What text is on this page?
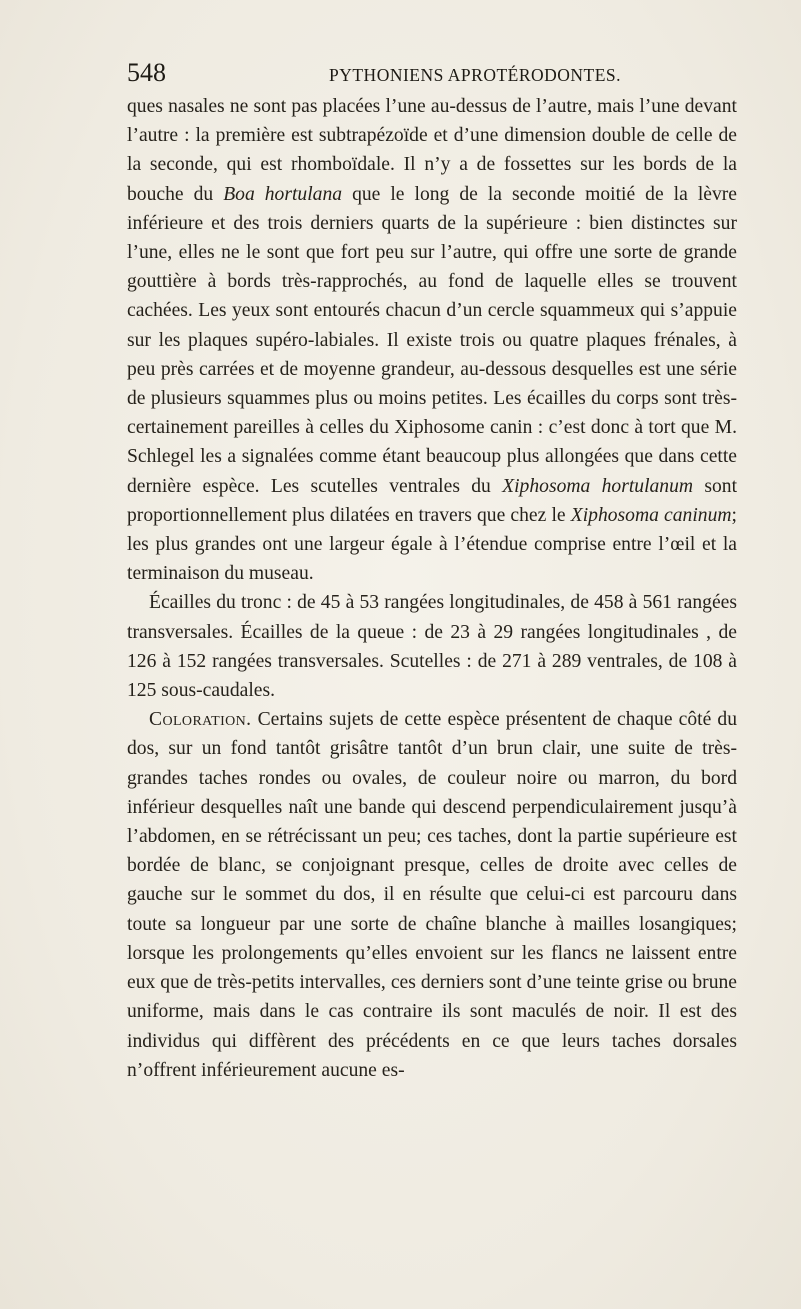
548	PYTHONIENS APROTÉRODONTES.

ques nasales ne sont pas placées l’une au-dessus de l’autre, mais l’une devant l’autre : la première est subtrapézoïde et d’une dimension double de celle de la seconde, qui est rhomboïdale. Il n’y a de fossettes sur les bords de la bouche du Boa hortulana que le long de la seconde moitié de la lèvre inférieure et des trois derniers quarts de la supérieure : bien distinctes sur l’une, elles ne le sont que fort peu sur l’autre, qui offre une sorte de grande gouttière à bords très-rapprochés, au fond de laquelle elles se trouvent cachées. Les yeux sont entourés chacun d’un cercle squammeux qui s’appuie sur les plaques supéro-labiales. Il existe trois ou quatre plaques frénales, à peu près carrées et de moyenne grandeur, au-dessous desquelles est une série de plusieurs squammes plus ou moins petites. Les écailles du corps sont très-certainement pareilles à celles du Xiphosome canin : c’est donc à tort que M. Schlegel les a signalées comme étant beaucoup plus allongées que dans cette dernière espèce. Les scutelles ventrales du Xiphosoma hortulanum sont proportionnellement plus dilatées en travers que chez le Xiphosoma caninum; les plus grandes ont une largeur égale à l’étendue comprise entre l’œil et la terminaison du museau.

Écailles du tronc : de 45 à 53 rangées longitudinales, de 458 à 561 rangées transversales. Écailles de la queue : de 23 à 29 rangées longitudinales , de 126 à 152 rangées transversales. Scutelles : de 271 à 289 ventrales, de 108 à 125 sous-caudales.

Coloration. Certains sujets de cette espèce présentent de chaque côté du dos, sur un fond tantôt grisâtre tantôt d’un brun clair, une suite de très-grandes taches rondes ou ovales, de couleur noire ou marron, du bord inférieur desquelles naît une bande qui descend perpendiculairement jusqu’à l’abdomen, en se rétrécissant un peu; ces taches, dont la partie supérieure est bordée de blanc, se conjoignant presque, celles de droite avec celles de gauche sur le sommet du dos, il en résulte que celui-ci est parcouru dans toute sa longueur par une sorte de chaîne blanche à mailles losangiques; lorsque les prolongements qu’elles envoient sur les flancs ne laissent entre eux que de très-petits intervalles, ces derniers sont d’une teinte grise ou brune uniforme, mais dans le cas contraire ils sont maculés de noir. Il est des individus qui diffèrent des précédents en ce que leurs taches dorsales n’offrent inférieurement aucune es-
